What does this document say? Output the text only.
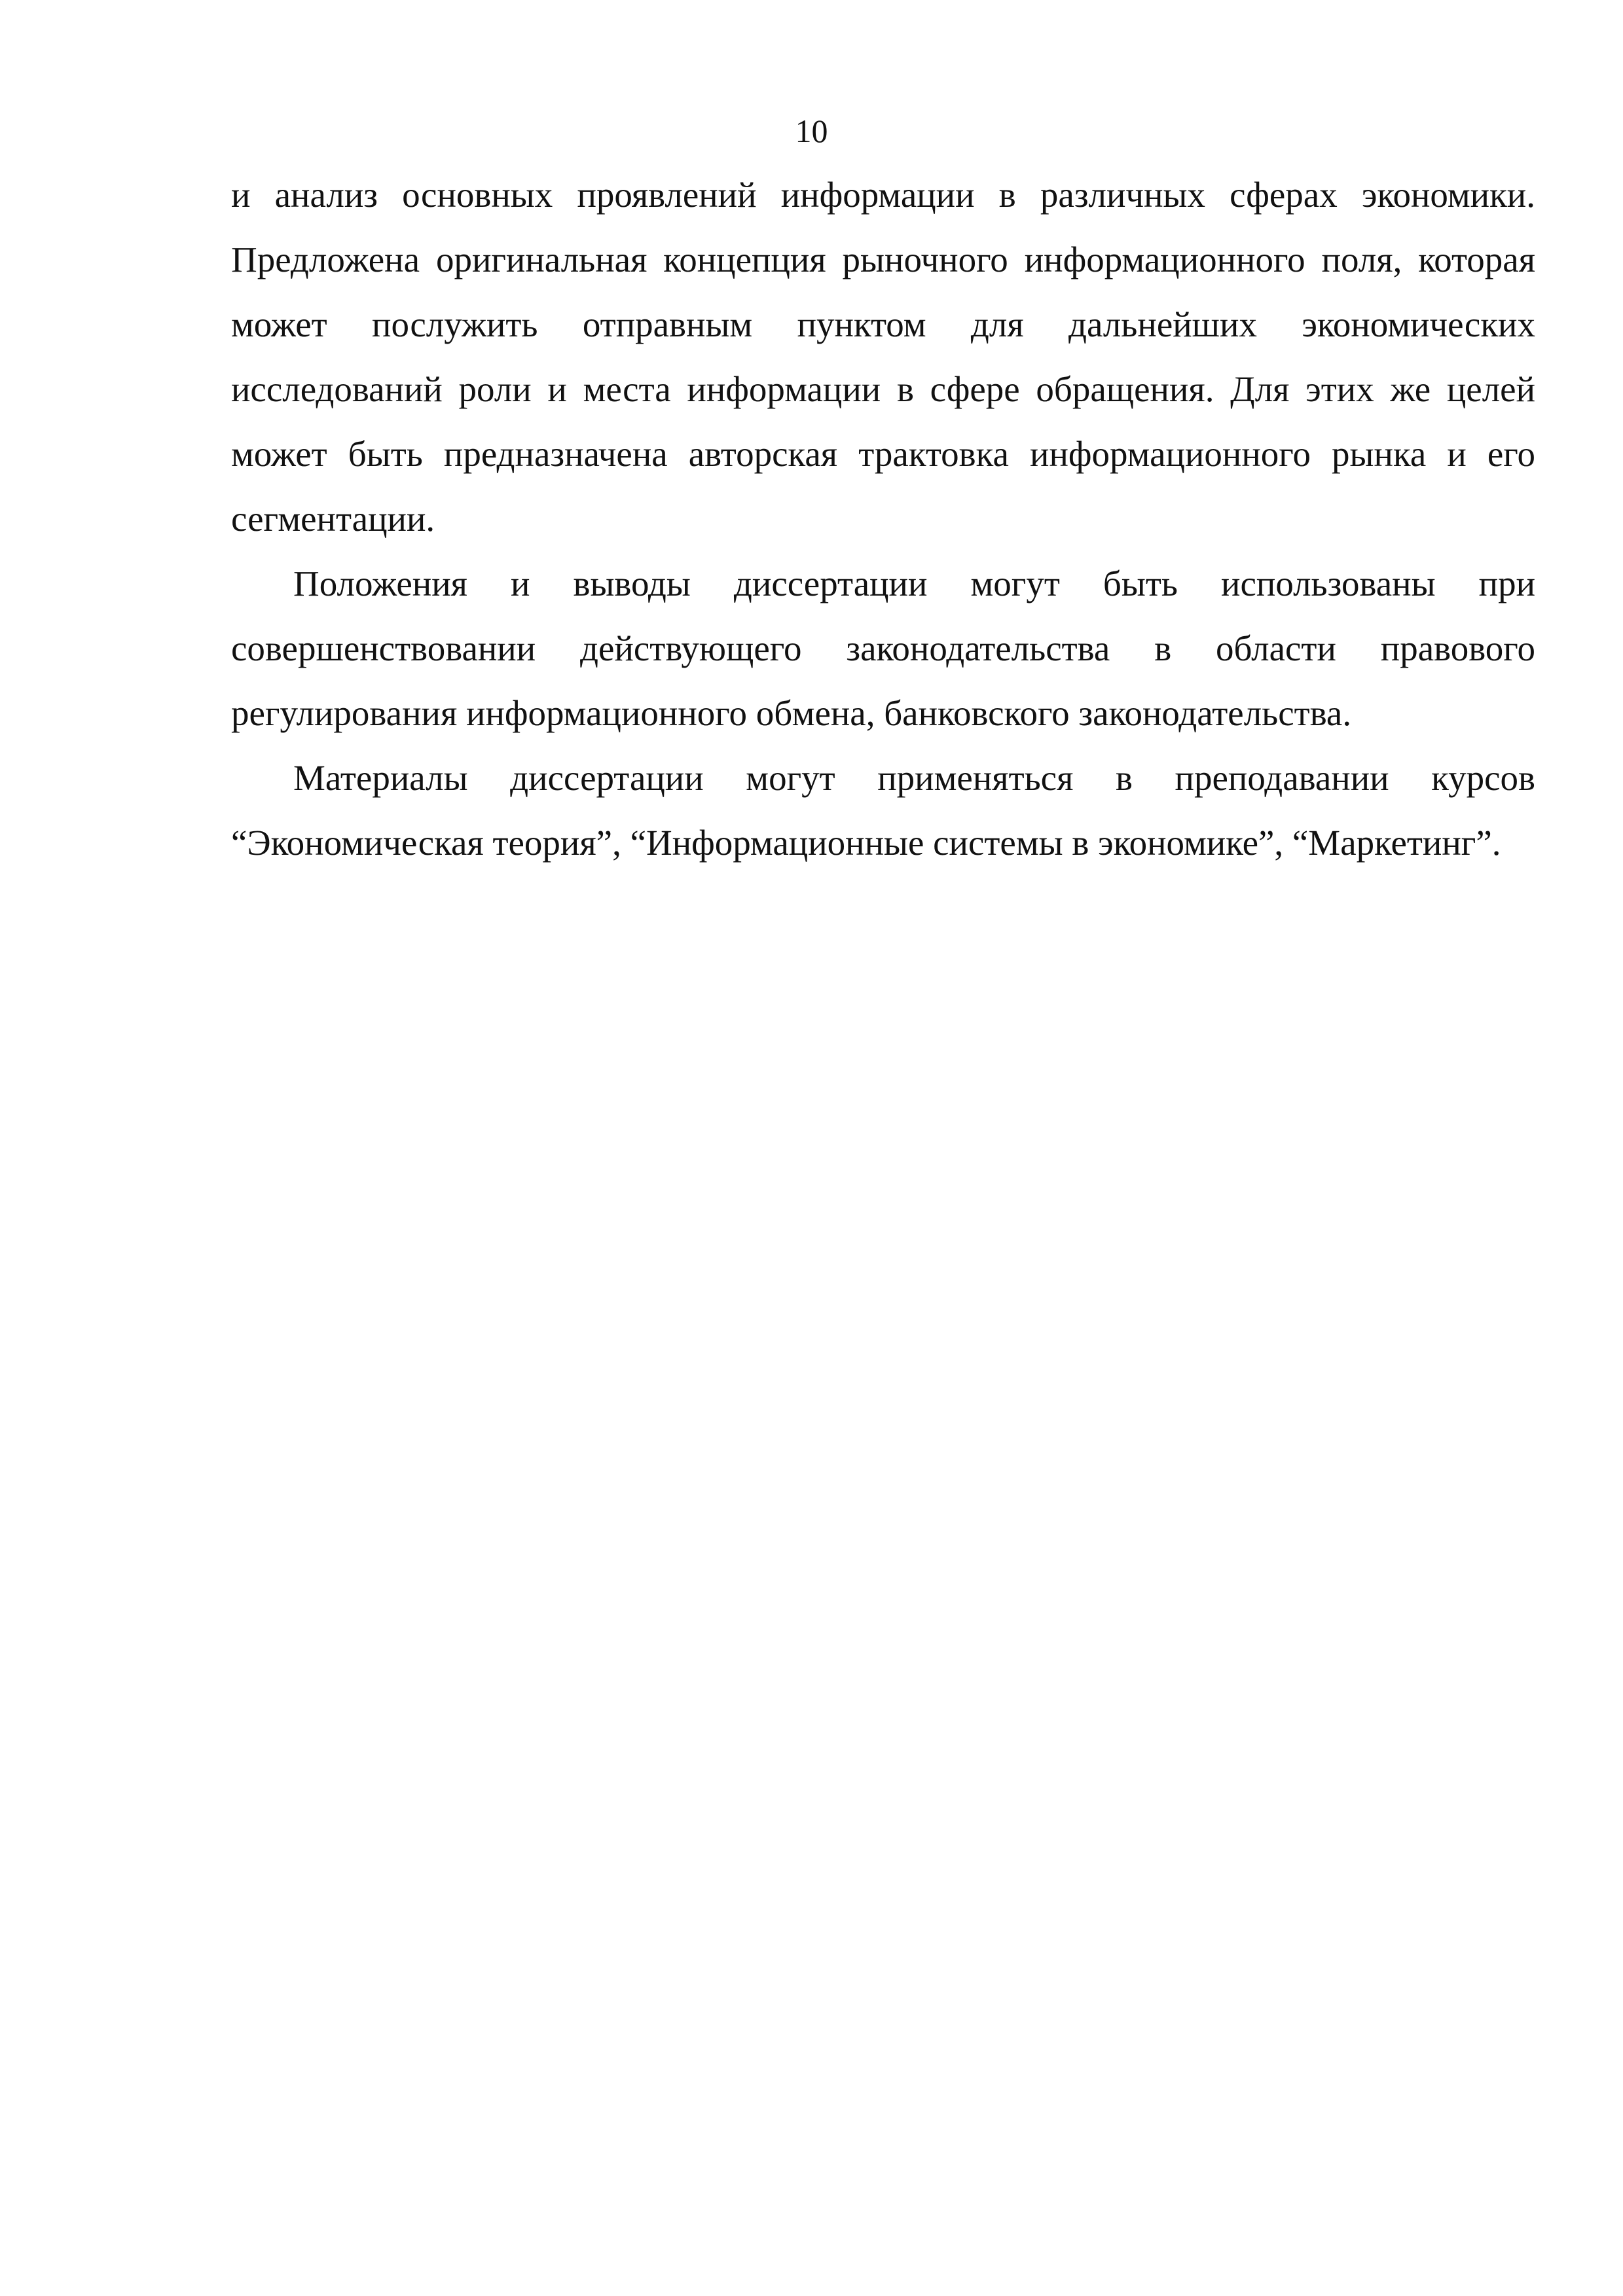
10

и анализ основных проявлений информации в различных сферах экономики. Предложена оригинальная концепция рыночного информационного поля, которая может послужить отправным пунктом для дальнейших экономических исследований роли и места информации в сфере обращения. Для этих же целей может быть предназначена авторская трактовка информационного рынка и его сегментации.

Положения и выводы диссертации могут быть использованы при совершенствовании действующего законодательства в области правового регулирования информационного обмена, банковского законодательства.

Материалы диссертации могут применяться в преподавании курсов “Экономическая теория”, “Информационные системы в экономике”, “Маркетинг”.
